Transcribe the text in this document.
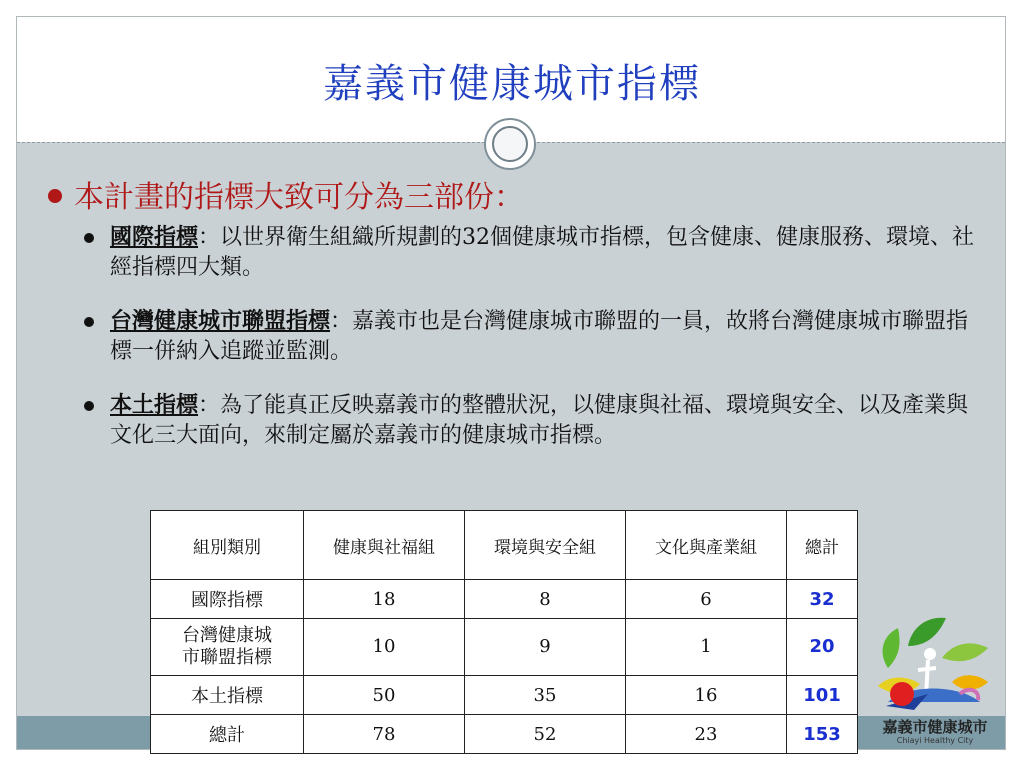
嘉義市健康城市指標
本計畫的指標大致可分為三部份：
國際指標：以世界衛生組織所規劃的32個健康城市指標，包含健康、健康服務、環境、社經指標四大類。
台灣健康城市聯盟指標：嘉義市也是台灣健康城市聯盟的一員，故將台灣健康城市聯盟指標一併納入追蹤並監測。
本土指標：為了能真正反映嘉義市的整體狀況，以健康與社福、環境與安全、以及產業與文化三大面向，來制定屬於嘉義市的健康城市指標。
組別類別	健康與社福組	環境與安全組	文化與產業組	總計
國際指標	18	8	6	32
台灣健康城
市聯盟指標	10	9	1	20
本土指標	50	35	16	101
總計	78	52	23	153	嘉義市健康城市
Chiayi Healthy City
